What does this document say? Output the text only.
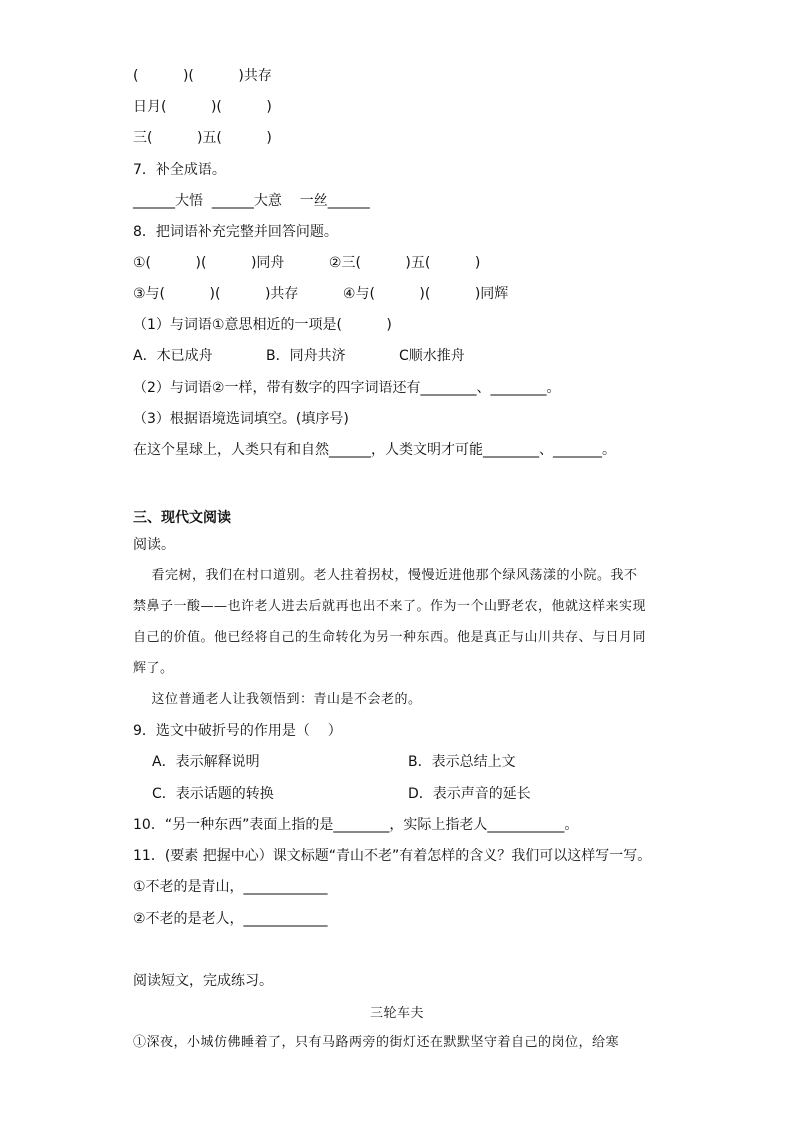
(          )(          )共存
日月(          )(          )
三(          )五(          )
7．补全成语。
______大悟  ______大意    一丝______
8．把词语补充完整并回答问题。
①(          )(          )同舟          ②三(          )五(          )
③与(          )(          )共存          ④与(          )(          )同辉
（1）与词语①意思相近的一项是(          )
A．木已成舟            B．同舟共济            C顺水推舟
（2）与词语②一样，带有数字的四字词语还有________、________。
（3）根据语境选词填空。(填序号)
在这个星球上，人类只有和自然______，人类文明才可能________、_______。
三、现代文阅读
阅读。
看完树，我们在村口道别。老人拄着拐杖，慢慢近进他那个绿风荡漾的小院。我不
禁鼻子一酸——也许老人进去后就再也出不来了。作为一个山野老农，他就这样来实现
自己的价值。他已经将自己的生命转化为另一种东西。他是真正与山川共存、与日月同
辉了。
这位普通老人让我领悟到：青山是不会老的。
9．选文中破折号的作用是（    ）
A．表示解释说明	B．表示总结上文
C．表示话题的转换	D．表示声音的延长
10．“另一种东西”表面上指的是________，实际上指老人___________。
11．(要素 把握中心）课文标题“青山不老”有着怎样的含义？我们可以这样写一写。
①不老的是青山，____________
②不老的是老人，____________
阅读短文，完成练习。
三轮车夫
①深夜，小城仿佛睡着了，只有马路两旁的街灯还在默默坚守着自己的岗位，给寒
